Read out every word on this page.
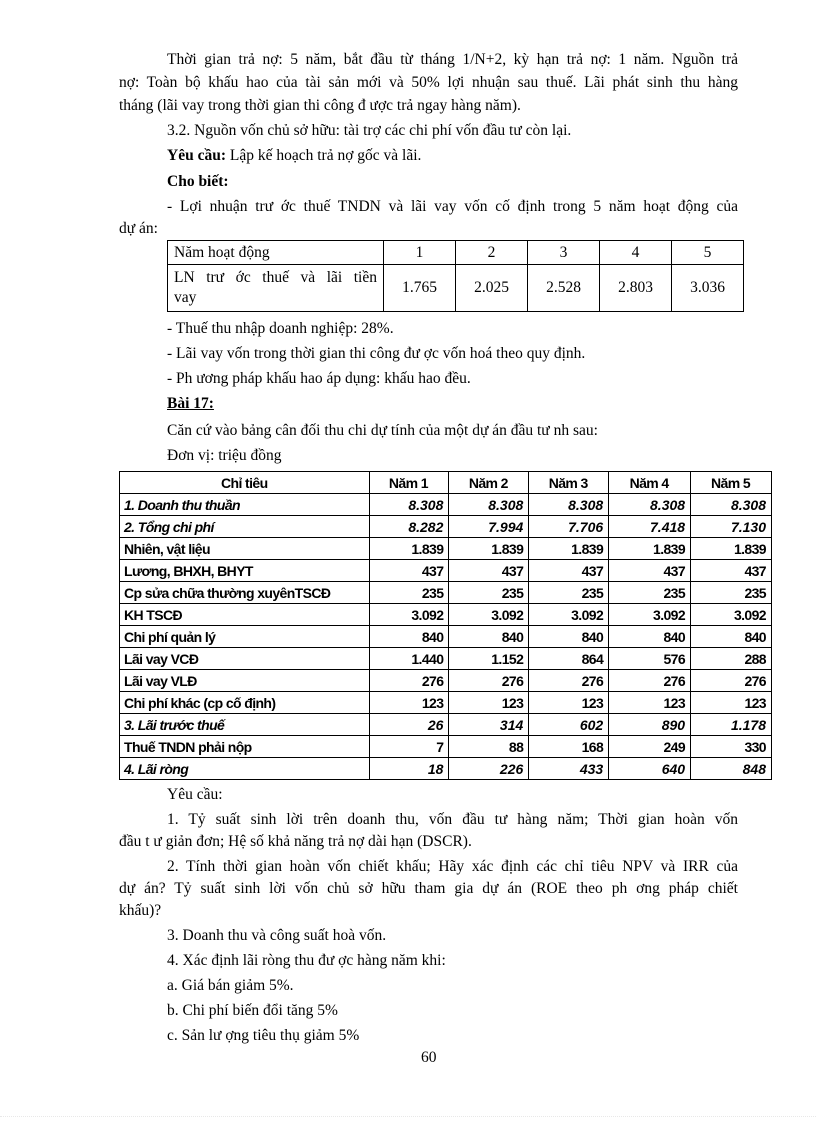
Thời gian trả nợ: 5 năm, bắt đầu từ tháng 1/N+2, kỳ hạn trả nợ: 1 năm. Nguồn trả
nợ: Toàn bộ khấu hao của tài sản mới và 50% lợi nhuận sau thuế. Lãi phát sinh thu hàng
tháng (lãi vay trong thời gian thi công đ ược trả ngay hàng năm).
3.2. Nguồn vốn chủ sở hữu: tài trợ các chi phí vốn đầu tư còn lại.
Yêu cầu: Lập kế hoạch trả nợ gốc và lãi.
Cho biết:
- Lợi nhuận trư ớc thuế TNDN và lãi vay vốn cố định trong 5 năm hoạt động của
dự án:
Năm hoạt động	1	2	3	4	5

LN trư ớc thuế và lãi tiền
vay	1.765	2.025	2.528	2.803	3.036
- Thuế thu nhập doanh nghiệp: 28%.
- Lãi vay vốn trong thời gian thi công đư ợc vốn hoá theo quy định.
- Ph ương pháp khấu hao áp dụng: khấu hao đều.
Bài 17:
Căn cứ vào bảng cân đối thu chi dự tính của một dự án đầu tư nh sau:
Đơn vị: triệu đồng
Chỉ tiêu	Năm 1	Năm 2	Năm 3	Năm 4	Năm 5
1. Doanh thu thuần	8.308	8.308	8.308	8.308	8.308
2. Tổng chi phí	8.282	7.994	7.706	7.418	7.130
Nhiên, vật liệu	1.839	1.839	1.839	1.839	1.839
Lương, BHXH, BHYT	437	437	437	437	437
Cp sửa chữa thường xuyênTSCĐ	235	235	235	235	235
KH TSCĐ	3.092	3.092	3.092	3.092	3.092
Chi phí quản lý	840	840	840	840	840
Lãi vay VCĐ	1.440	1.152	864	576	288
Lãi vay VLĐ	276	276	276	276	276
Chi phí khác (cp cố định)	123	123	123	123	123
3. Lãi trước thuế	26	314	602	890	1.178
Thuế TNDN phải nộp	7	88	168	249	330
4. Lãi ròng	18	226	433	640	848
Yêu cầu:
1. Tỷ suất sinh lời trên doanh thu, vốn đầu tư hàng năm; Thời gian hoàn vốn
đầu t ư giản đơn; Hệ số khả năng trả nợ dài hạn (DSCR).
2. Tính thời gian hoàn vốn chiết khấu; Hãy xác định các chỉ tiêu NPV và IRR của
dự án? Tỷ suất sinh lời vốn chủ sở hữu tham gia dự án (ROE theo ph ơng pháp chiết
khấu)?
3. Doanh thu và công suất hoà vốn.
4. Xác định lãi ròng thu đư ợc hàng năm khi:
a. Giá bán giảm 5%.
b. Chi phí biến đổi tăng 5%
c. Sản lư ợng tiêu thụ giảm 5%
60
